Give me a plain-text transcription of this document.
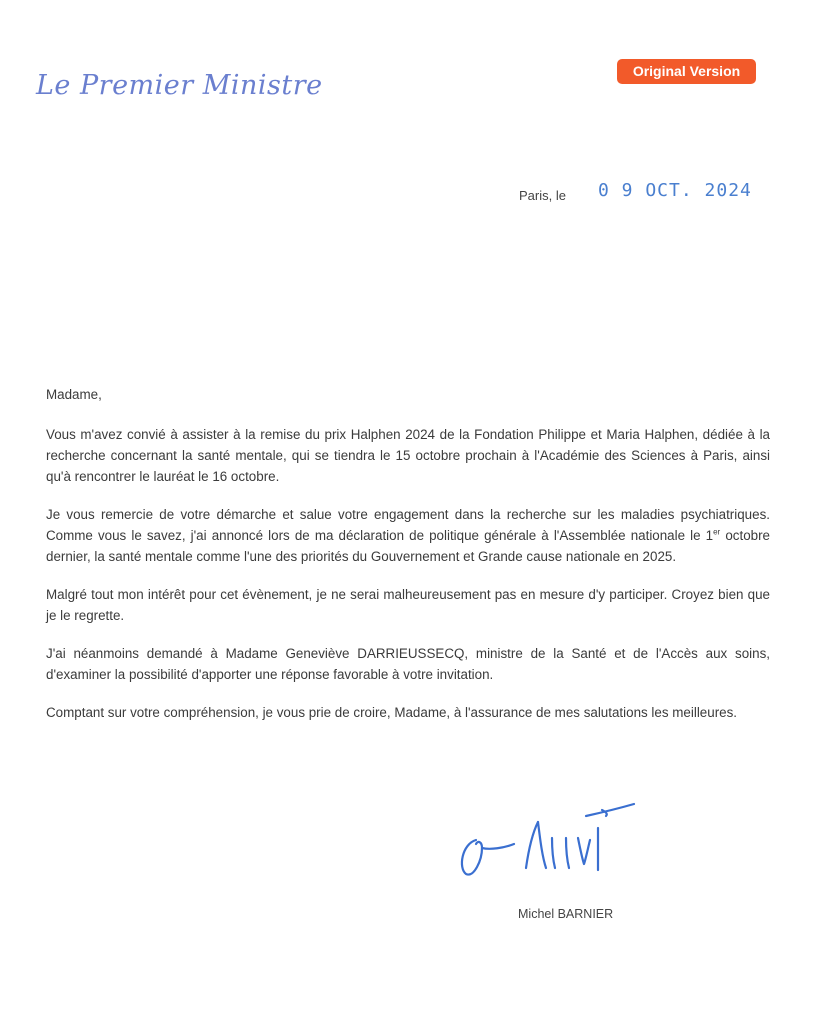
Le Premier Ministre	Original Version
Paris, le 0 9 OCT. 2024

Madame,

Vous m'avez convié à assister à la remise du prix Halphen 2024 de la Fondation Philippe et Maria Halphen, dédiée à la recherche concernant la santé mentale, qui se tiendra le 15 octobre prochain à l'Académie des Sciences à Paris, ainsi qu'à rencontrer le lauréat le 16 octobre.

Je vous remercie de votre démarche et salue votre engagement dans la recherche sur les maladies psychiatriques. Comme vous le savez, j'ai annoncé lors de ma déclaration de politique générale à l'Assemblée nationale le 1er octobre dernier, la santé mentale comme l'une des priorités du Gouvernement et Grande cause nationale en 2025.

Malgré tout mon intérêt pour cet évènement, je ne serai malheureusement pas en mesure d'y participer. Croyez bien que je le regrette.

J'ai néanmoins demandé à Madame Geneviève DARRIEUSSECQ, ministre de la Santé et de l'Accès aux soins, d'examiner la possibilité d'apporter une réponse favorable à votre invitation.

Comptant sur votre compréhension, je vous prie de croire, Madame, à l'assurance de mes salutations les meilleures.

Michel BARNIER
